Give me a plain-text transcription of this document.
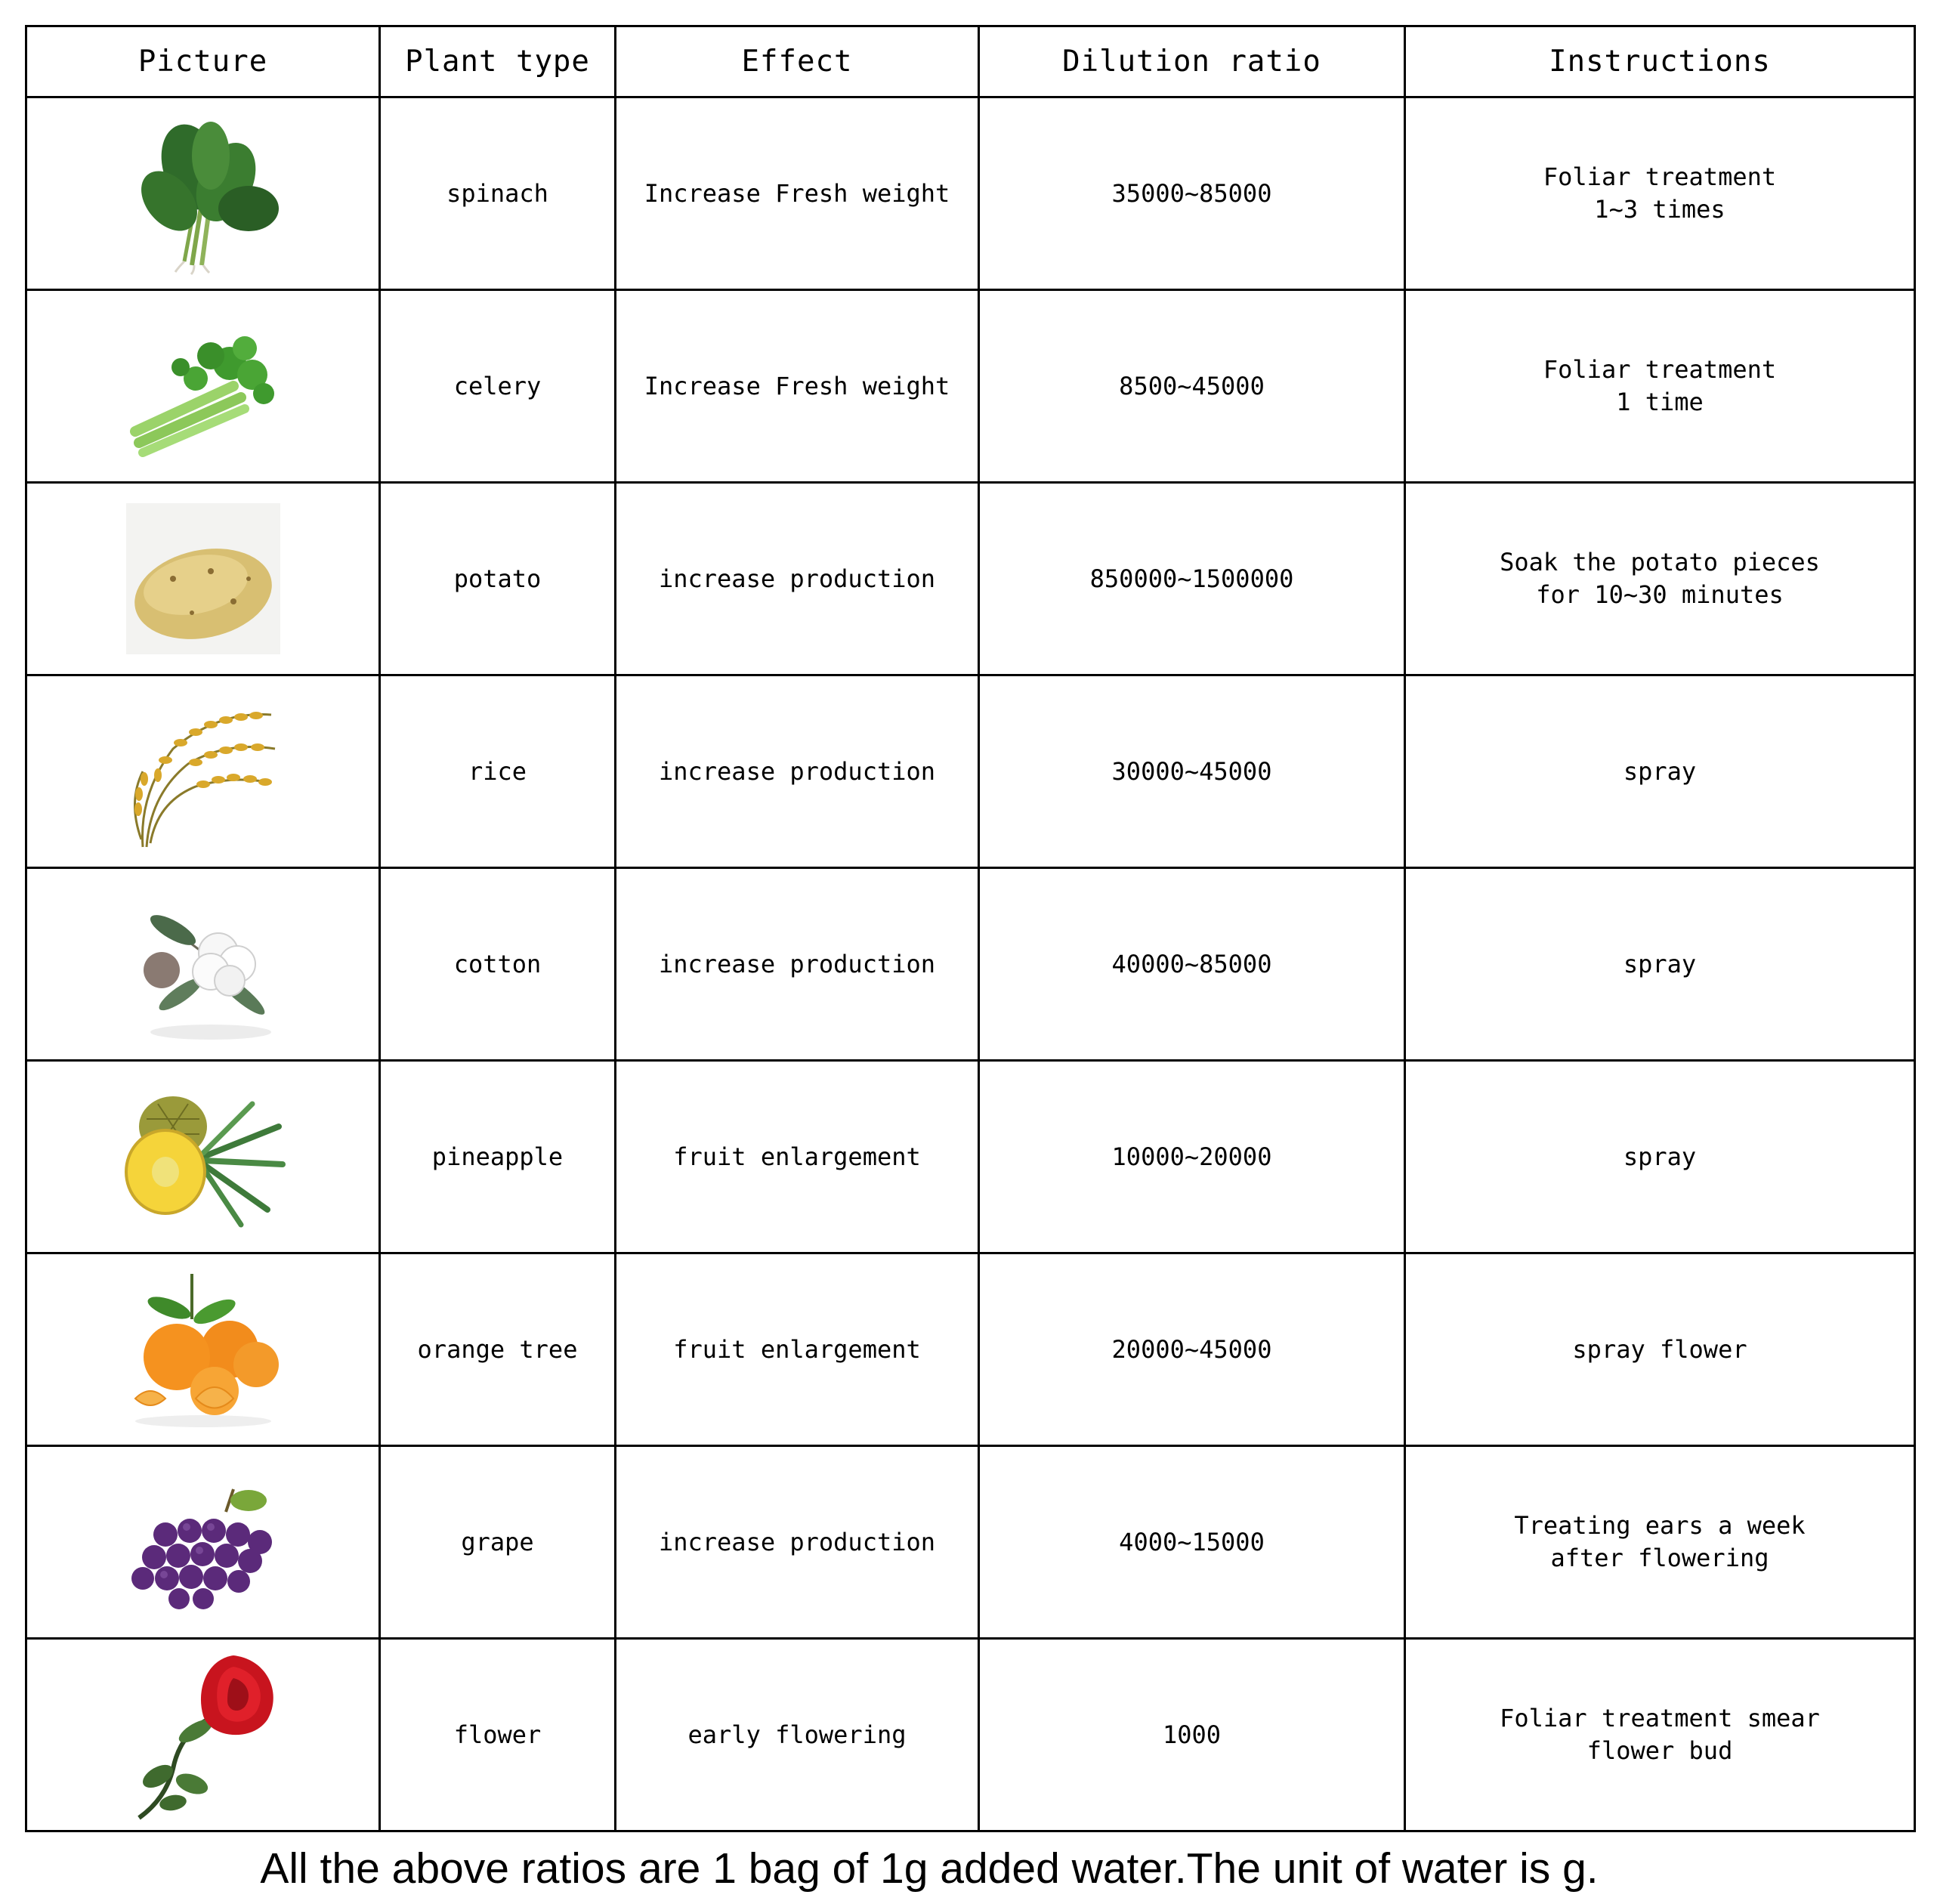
Picture	Plant type	Effect	Dilution ratio	Instructions

	spinach	Increase Fresh weight	35000~85000	Foliar treatment
1~3 times

	celery	Increase Fresh weight	8500~45000	Foliar treatment
1 time

	potato	increase production	850000~1500000	Soak the potato pieces
for 10~30 minutes

	rice	increase production	30000~45000	spray

	cotton	increase production	40000~85000	spray

	pineapple	fruit enlargement	10000~20000	spray

	orange tree	fruit enlargement	20000~45000	spray flower

	grape	increase production	4000~15000	Treating ears a week
after flowering

	flower	early flowering	1000	Foliar treatment smear
flower bud
All the above ratios are 1 bag of 1g added water.The unit of water is g.
